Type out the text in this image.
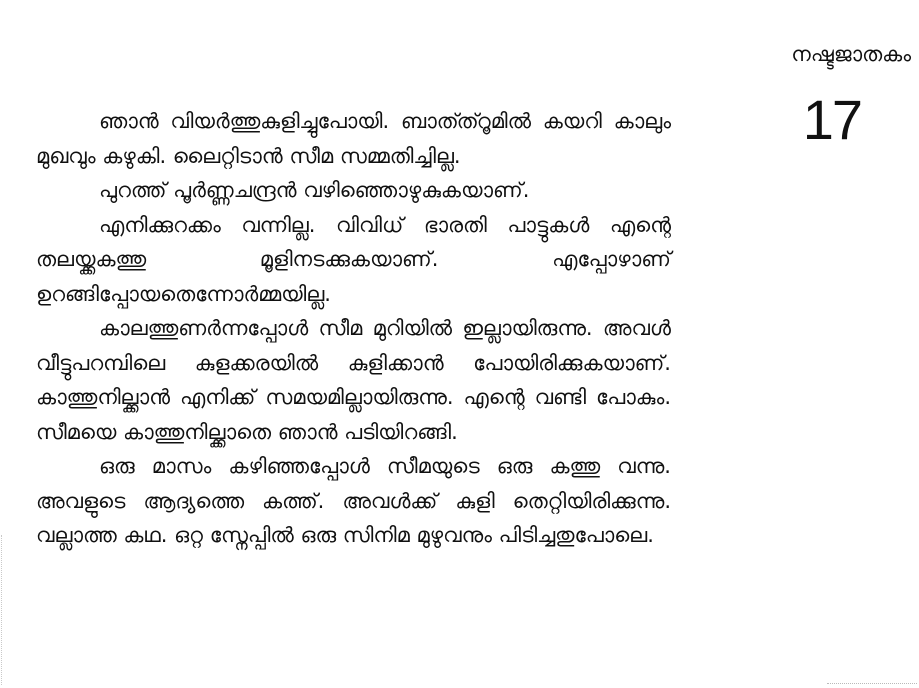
നഷ്ടജാതകം
17

ഞാൻ വിയർത്തുകുളിച്ചുപോയി. ബാത്ത്റൂമിൽ കയറി കാലും മുഖവും കഴുകി. ലൈറ്റിടാൻ സീമ സമ്മതിച്ചില്ല.

പുറത്ത് പൂർണ്ണചന്ദ്രൻ വഴിഞ്ഞൊഴുകുകയാണ്.

എനിക്കുറക്കം വന്നില്ല. വിവിധ് ഭാരതി പാട്ടുകൾ എന്റെ തലയ്ക്കകത്തു മൂളിനടക്കുകയാണ്. എപ്പോഴാണ് ഉറങ്ങിപ്പോയതെന്നോർമ്മയില്ല.

കാലത്തുണർന്നപ്പോൾ സീമ മുറിയിൽ ഇല്ലായിരുന്നു. അവൾ വീട്ടുപറമ്പിലെ കുളക്കരയിൽ കുളിക്കാൻ പോയിരിക്കുകയാണ്. കാത്തുനില്ക്കാൻ എനിക്ക് സമയമില്ലായിരുന്നു. എന്റെ വണ്ടി പോകും. സീമയെ കാത്തുനില്ക്കാതെ ഞാൻ പടിയിറങ്ങി.

ഒരു മാസം കഴിഞ്ഞപ്പോൾ സീമയുടെ ഒരു കത്തു വന്നു. അവളുടെ ആദ്യത്തെ കത്ത്. അവൾക്ക് കുളി തെറ്റിയിരിക്കുന്നു. വല്ലാത്ത കഥ. ഒറ്റ സ്നേപ്പിൽ ഒരു സിനിമ മുഴുവനും പിടിച്ചതുപോലെ.
